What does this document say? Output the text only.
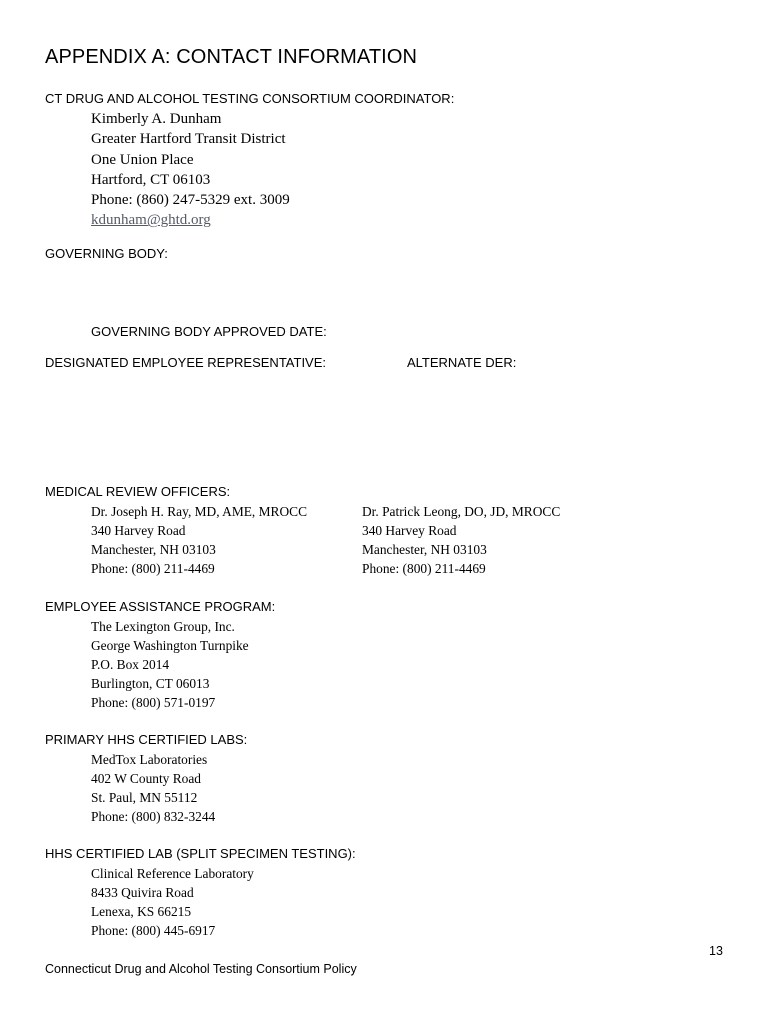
APPENDIX A: CONTACT INFORMATION
CT DRUG AND ALCOHOL TESTING CONSORTIUM COORDINATOR:
Kimberly A. Dunham
Greater Hartford Transit District
One Union Place
Hartford, CT 06103
Phone: (860) 247-5329 ext. 3009
kdunham@ghtd.org
GOVERNING BODY:
GOVERNING BODY APPROVED DATE:
DESIGNATED EMPLOYEE REPRESENTATIVE:	ALTERNATE DER:
MEDICAL REVIEW OFFICERS:
Dr. Joseph H. Ray, MD, AME, MROCC
340 Harvey Road
Manchester, NH 03103
Phone: (800) 211-4469
Dr. Patrick Leong, DO, JD, MROCC
340 Harvey Road
Manchester, NH 03103
Phone: (800) 211-4469
EMPLOYEE ASSISTANCE PROGRAM:
The Lexington Group, Inc.
George Washington Turnpike
P.O. Box 2014
Burlington, CT 06013
Phone: (800) 571-0197
PRIMARY HHS CERTIFIED LABS:
MedTox Laboratories
402 W County Road
St. Paul, MN 55112
Phone: (800) 832-3244
HHS CERTIFIED LAB (SPLIT SPECIMEN TESTING):
Clinical Reference Laboratory
8433 Quivira Road
Lenexa, KS 66215
Phone: (800) 445-6917
13
Connecticut Drug and Alcohol Testing Consortium Policy
